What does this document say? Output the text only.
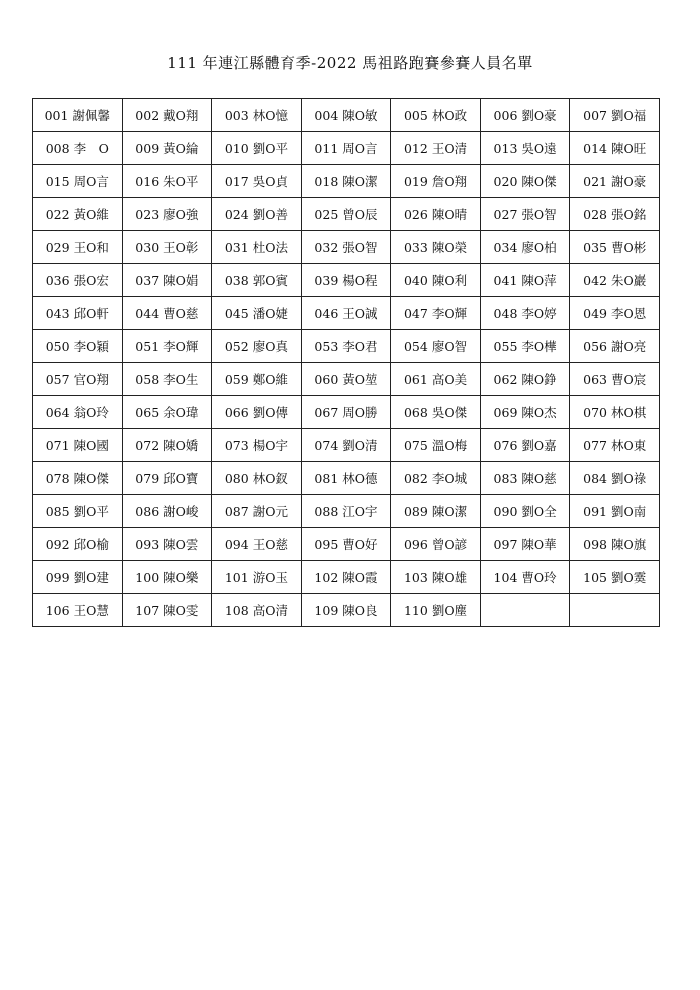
111 年連江縣體育季-2022 馬祖路跑賽參賽人員名單
001 謝佩馨	002 戴O翔	003 林O憶	004 陳O敏	005 林O政	006 劉O豪	007 劉O福
008 李　O	009 黃O綸	010 劉O平	011 周O言	012 王O清	013 吳O遠	014 陳O旺
015 周O言	016 朱O平	017 吳O貞	018 陳O潔	019 詹O翔	020 陳O傑	021 謝O豪
022 黃O維	023 廖O強	024 劉O善	025 曾O辰	026 陳O晴	027 張O智	028 張O銘
029 王O和	030 王O彰	031 杜O法	032 張O智	033 陳O榮	034 廖O柏	035 曹O彬
036 張O宏	037 陳O娟	038 郭O賓	039 楊O程	040 陳O利	041 陳O萍	042 朱O巖
043 邱O軒	044 曹O慈	045 潘O婕	046 王O誠	047 李O輝	048 李O婷	049 李O恩
050 李O穎	051 李O輝	052 廖O真	053 李O君	054 廖O智	055 李O樺	056 謝O亮
057 官O翔	058 李O生	059 鄭O維	060 黃O堃	061 高O美	062 陳O錚	063 曹O宸
064 翁O玲	065 余O瑋	066 劉O傳	067 周O勝	068 吳O傑	069 陳O杰	070 林O棋
071 陳O國	072 陳O嬌	073 楊O宇	074 劉O清	075 溫O梅	076 劉O嘉	077 林O東
078 陳O傑	079 邱O寶	080 林O釵	081 林O德	082 李O城	083 陳O慈	084 劉O祿
085 劉O平	086 謝O峻	087 謝O元	088 江O宇	089 陳O潔	090 劉O全	091 劉O南
092 邱O榆	093 陳O雲	094 王O慈	095 曹O好	096 曾O諺	097 陳O華	098 陳O旗
099 劉O建	100 陳O樂	101 游O玉	102 陳O霞	103 陳O雄	104 曹O玲	105 劉O霙
106 王O慧	107 陳O雯	108 高O清	109 陳O良	110 劉O塵		
